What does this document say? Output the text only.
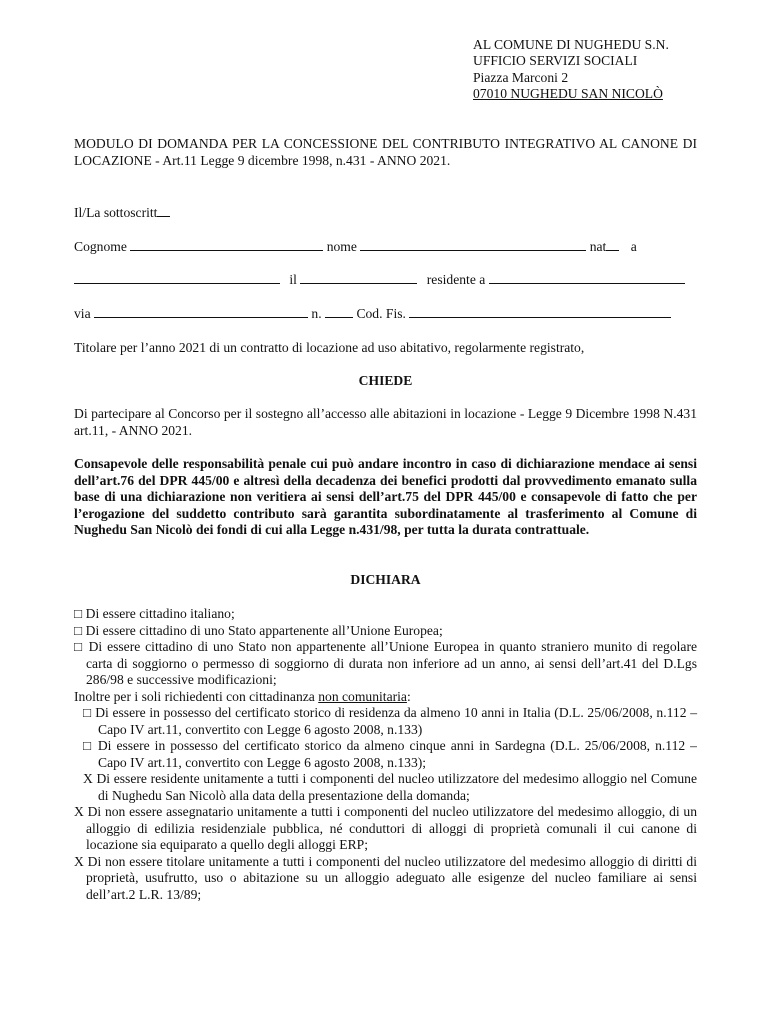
AL COMUNE DI NUGHEDU S.N.
UFFICIO SERVIZI SOCIALI
Piazza Marconi 2
07010 NUGHEDU SAN NICOLÒ
MODULO DI DOMANDA PER LA CONCESSIONE DEL CONTRIBUTO INTEGRATIVO AL CANONE DI LOCAZIONE - Art.11 Legge 9 dicembre 1998, n.431 - ANNO 2021.
Il/La sottoscritt
Cognome	nome	nat a
il	residente a
via	n.	Cod. Fis.
Titolare per l’anno 2021 di un contratto di locazione ad uso abitativo, regolarmente registrato,
CHIEDE
Di partecipare al Concorso per il sostegno all’accesso alle abitazioni in locazione - Legge 9 Dicembre 1998 N.431 art.11, - ANNO 2021.
Consapevole delle responsabilità penale cui può andare incontro in caso di dichiarazione mendace ai sensi dell’art.76 del DPR 445/00 e altresì della decadenza dei benefici prodotti dal provvedimento emanato sulla base di una dichiarazione non veritiera ai sensi dell’art.75 del DPR 445/00 e consapevole di fatto che per l’erogazione del suddetto contributo sarà garantita subordinatamente al trasferimento al Comune di Nughedu San Nicolò dei fondi di cui alla Legge n.431/98, per tutta la durata contrattuale.
DICHIARA
□ Di essere cittadino italiano;
□ Di essere cittadino di uno Stato appartenente all’Unione Europea;
□ Di essere cittadino di uno Stato non appartenente all’Unione Europea in quanto straniero munito di regolare carta di soggiorno o permesso di soggiorno di durata non inferiore ad un anno, ai sensi dell’art.41 del D.Lgs 286/98 e successive modificazioni;
Inoltre per i soli richiedenti con cittadinanza non comunitaria:
□ Di essere in possesso del certificato storico di residenza da almeno 10 anni in Italia (D.L. 25/06/2008, n.112 – Capo IV art.11, convertito con Legge 6 agosto 2008, n.133)
□ Di essere in possesso del certificato storico da almeno cinque anni in Sardegna (D.L. 25/06/2008, n.112 – Capo IV art.11, convertito con Legge 6 agosto 2008, n.133);
X Di essere residente unitamente a tutti i componenti del nucleo utilizzatore del medesimo alloggio nel Comune di Nughedu San Nicolò alla data della presentazione della domanda;
X Di non essere assegnatario unitamente a tutti i componenti del nucleo utilizzatore del medesimo alloggio, di un alloggio di edilizia residenziale pubblica, né conduttori di alloggi di proprietà comunali il cui canone di locazione sia equiparato a quello degli alloggi ERP;
X Di non essere titolare unitamente a tutti i componenti del nucleo utilizzatore del medesimo alloggio di diritti di proprietà, usufrutto, uso o abitazione su un alloggio adeguato alle esigenze del nucleo familiare ai sensi dell’art.2 L.R. 13/89;
